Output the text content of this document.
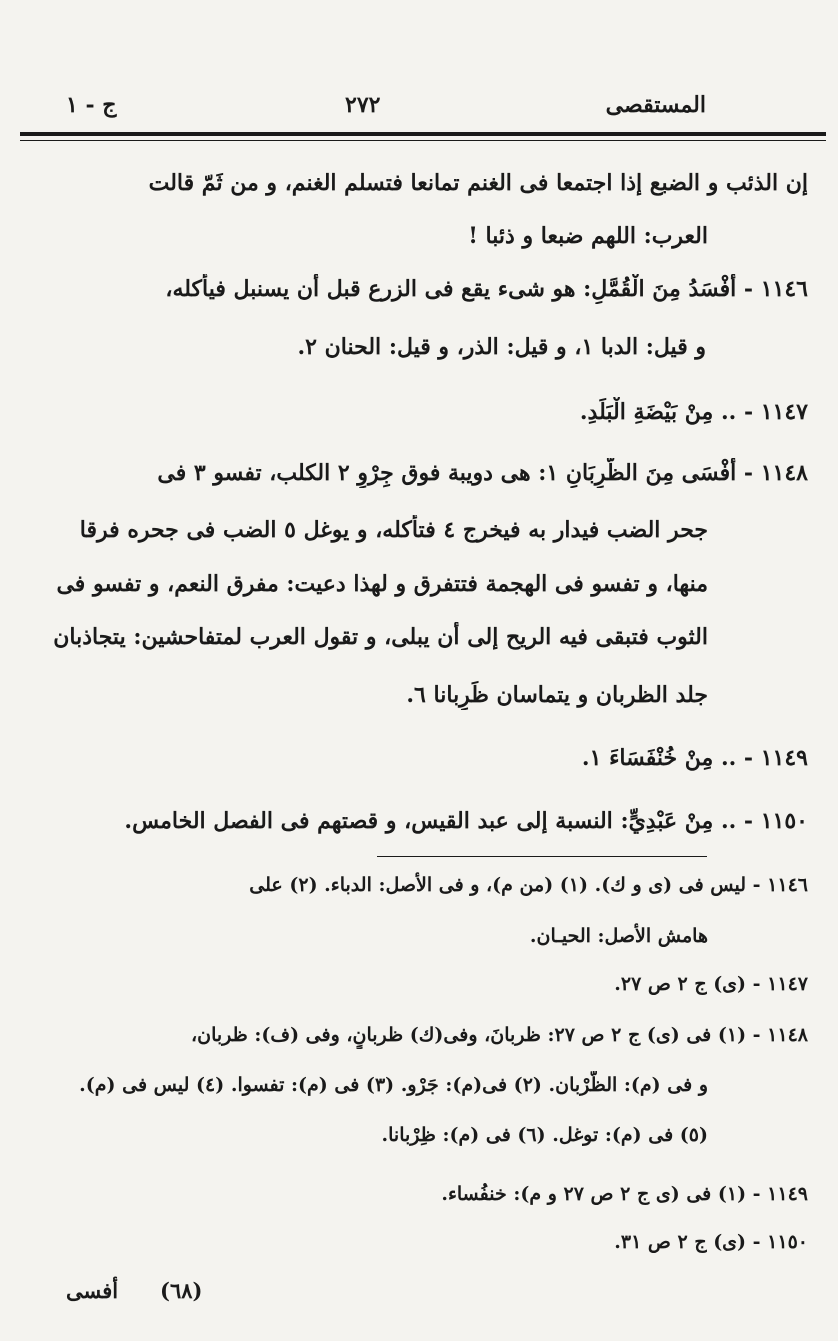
المستقصى
٢٧٢
ج - ١
إن الذئب و الضبع إذا اجتمعا فى الغنم تمانعا فتسلم الغنم، و من ثَمّ قالت
العرب: اللهم ضبعا و ذئبا !
١١٤٦ - أَفْسَدُ مِنَ الْقُمَّلِ: هو شیء يقع فى الزرع قبل أن يسنبل فيأكله،
و قيل: الدبا ١، و قيل: الذر، و قيل: الحنان ٢.
١١٤٧ - .. مِنْ بَيْضَةِ الْبَلَدِ.
١١٤٨ - أَفْسَى مِنَ الظَّرِبَانِ ١: هى دويبة فوق جِرْوِ ٢ الكلب، تفسو ٣ فى
جحر الضب فيدار به فيخرج ٤ فتأكله، و يوغل ٥ الضب فى جحره فرقا
منها، و تفسو فى الهجمة فتتفرق و لهذا دعيت: مفرق النعم، و تفسو فى
الثوب فتبقى فيه الريح إلى أن يبلى، و تقول العرب لمتفاحشين: يتجاذبان
جلد الظربان و يتماسان ظَرِبانا ٦.
١١٤٩ - .. مِنْ خُنْفَسَاءَ ١.
١١٥٠ - .. مِنْ عَبْدِيٍّ: النسبة إلى عبد القيس، و قصتهم فى الفصل الخامس.
١١٤٦ - ليس فى (ى و ك). (١) (من م)، و فى الأصل: الدباء. (٢) على
هامش الأصل: الحيـان.
١١٤٧ - (ى) ج ٢ ص ٢٧.
١١٤٨ - (١) فى (ى) ج ٢ ص ٢٧: ظربانَ، وفى(ك) ظربانٍ، وفى (ف): ظربان،
و فى (م): الظَّرْبان. (٢) فى(م): جَرْو. (٣) فى (م): تفسوا. (٤) ليس فى (م).
(٥) فى (م): توغل. (٦) فى (م): ظِرْبانا.
١١٤٩ - (١) فى (ى ج ٢ ص ٢٧ و م): خنفُساء.
١١٥٠ - (ى) ج ٢ ص ٣١.
(٦٨)
أفسى
